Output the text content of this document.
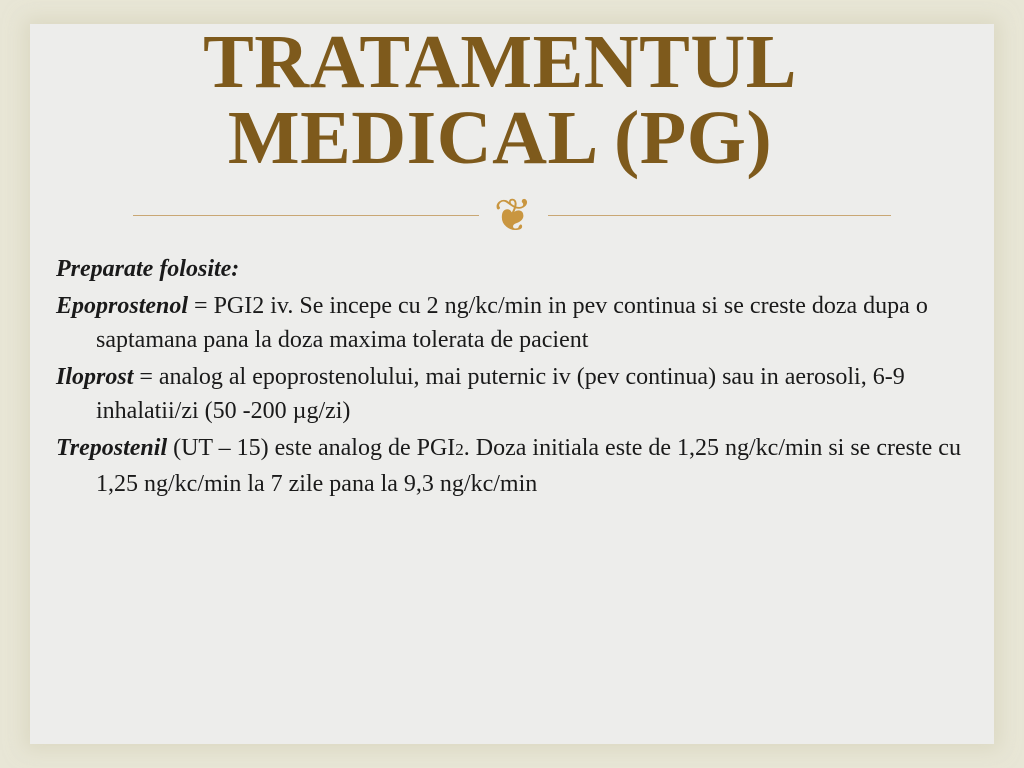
TRATAMENTUL
MEDICAL (PG)
❦

Preparate folosite:

Epoprostenol = PGI2 iv. Se incepe cu 2 ng/kc/min in pev continua si se creste doza dupa o saptamana pana la doza maxima tolerata de pacient

Iloprost = analog al epoprostenolului, mai puternic iv (pev continua) sau in aerosoli, 6-9 inhalatii/zi (50 -200 µg/zi)

Trepostenil (UT – 15) este analog de PGI2. Doza initiala este de 1,25 ng/kc/min si se creste cu 1,25 ng/kc/min la 7 zile pana la 9,3 ng/kc/min
